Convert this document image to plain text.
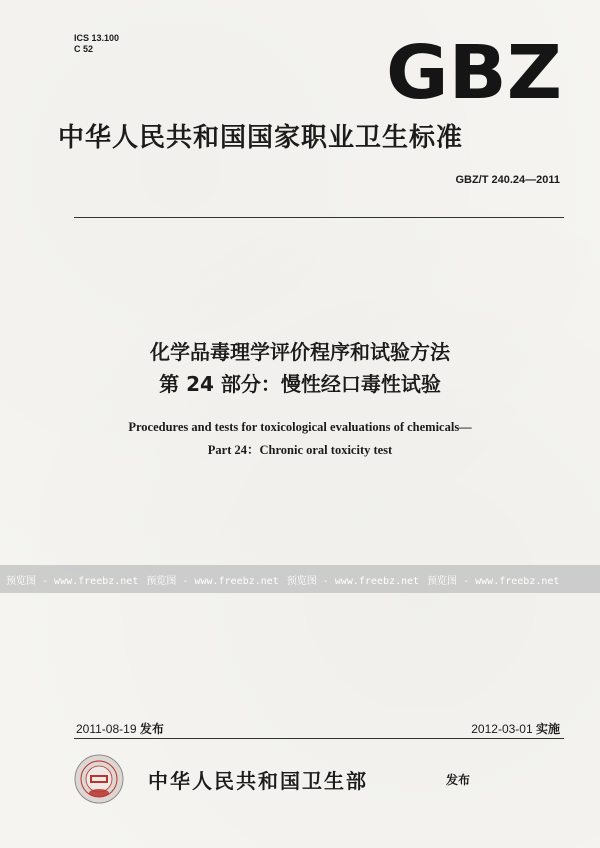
ICS 13.100
C 52	GBZ
中华人民共和国国家职业卫生标准
GBZ/T 240.24—2011
化学品毒理学评价程序和试验方法
第 24 部分：慢性经口毒性试验
Procedures and tests for toxicological evaluations of chemicals—
Part 24：Chronic oral toxicity test
预览图 - www.freebz.net 预览图 - www.freebz.net 预览图 - www.freebz.net 预览图 - www.freebz.net
2011-08-19 发布	2012-03-01 实施
中华人民共和国卫生部	发布
